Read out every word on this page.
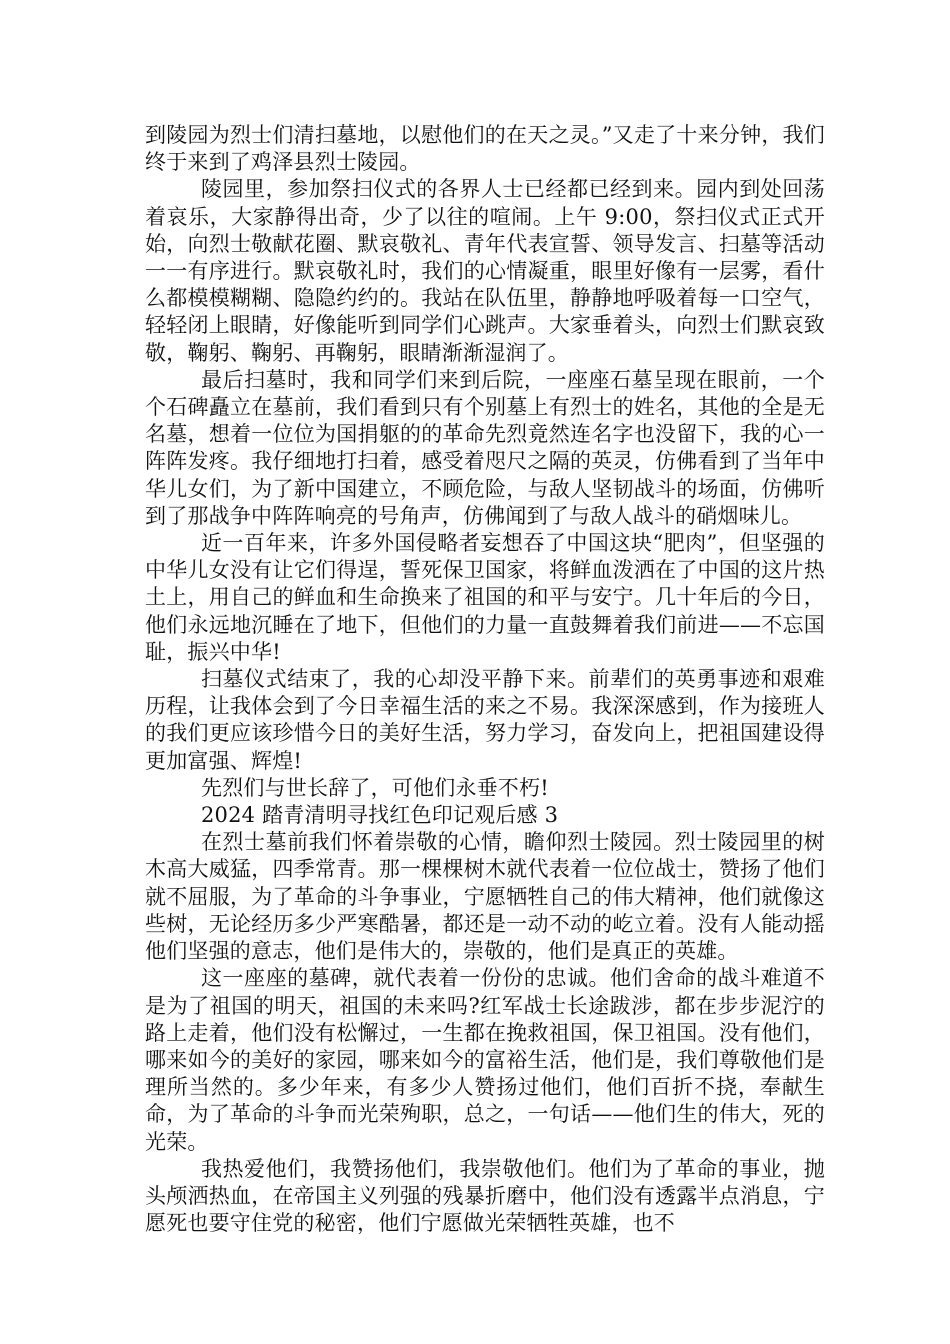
到陵园为烈士们清扫墓地，以慰他们的在天之灵。”又走了十来分钟，我们终于来到了鸡泽县烈士陵园。

陵园里，参加祭扫仪式的各界人士已经都已经到来。园内到处回荡着哀乐，大家静得出奇，少了以往的喧闹。上午 9:00，祭扫仪式正式开始，向烈士敬献花圈、默哀敬礼、青年代表宣誓、领导发言、扫墓等活动一一有序进行。默哀敬礼时，我们的心情凝重，眼里好像有一层雾，看什么都模模糊糊、隐隐约约的。我站在队伍里，静静地呼吸着每一口空气，轻轻闭上眼睛，好像能听到同学们心跳声。大家垂着头，向烈士们默哀致敬，鞠躬、鞠躬、再鞠躬，眼睛渐渐湿润了。

最后扫墓时，我和同学们来到后院，一座座石墓呈现在眼前，一个个石碑矗立在墓前，我们看到只有个别墓上有烈士的姓名，其他的全是无名墓，想着一位位为国捐躯的的革命先烈竟然连名字也没留下，我的心一阵阵发疼。我仔细地打扫着，感受着咫尺之隔的英灵，仿佛看到了当年中华儿女们，为了新中国建立，不顾危险，与敌人坚韧战斗的场面，仿佛听到了那战争中阵阵响亮的号角声，仿佛闻到了与敌人战斗的硝烟味儿。

近一百年来，许多外国侵略者妄想吞了中国这块“肥肉”，但坚强的中华儿女没有让它们得逞，誓死保卫国家，将鲜血泼洒在了中国的这片热土上，用自己的鲜血和生命换来了祖国的和平与安宁。几十年后的今日，他们永远地沉睡在了地下，但他们的力量一直鼓舞着我们前进——不忘国耻，振兴中华!

扫墓仪式结束了，我的心却没平静下来。前辈们的英勇事迹和艰难历程，让我体会到了今日幸福生活的来之不易。我深深感到，作为接班人的我们更应该珍惜今日的美好生活，努力学习，奋发向上，把祖国建设得更加富强、辉煌!

先烈们与世长辞了，可他们永垂不朽!

2024 踏青清明寻找红色印记观后感 3

在烈士墓前我们怀着崇敬的心情，瞻仰烈士陵园。烈士陵园里的树木高大威猛，四季常青。那一棵棵树木就代表着一位位战士，赞扬了他们就不屈服，为了革命的斗争事业，宁愿牺牲自己的伟大精神，他们就像这些树，无论经历多少严寒酷暑，都还是一动不动的屹立着。没有人能动摇他们坚强的意志，他们是伟大的，崇敬的，他们是真正的英雄。

这一座座的墓碑，就代表着一份份的忠诚。他们舍命的战斗难道不是为了祖国的明天，祖国的未来吗?红军战士长途跋涉，都在步步泥泞的路上走着，他们没有松懈过，一生都在挽救祖国，保卫祖国。没有他们，哪来如今的美好的家园，哪来如今的富裕生活，他们是，我们尊敬他们是理所当然的。多少年来，有多少人赞扬过他们，他们百折不挠，奉献生命，为了革命的斗争而光荣殉职，总之，一句话——他们生的伟大，死的光荣。

我热爱他们，我赞扬他们，我崇敬他们。他们为了革命的事业，抛头颅洒热血，在帝国主义列强的残暴折磨中，他们没有透露半点消息，宁愿死也要守住党的秘密，他们宁愿做光荣牺牲英雄，也不
